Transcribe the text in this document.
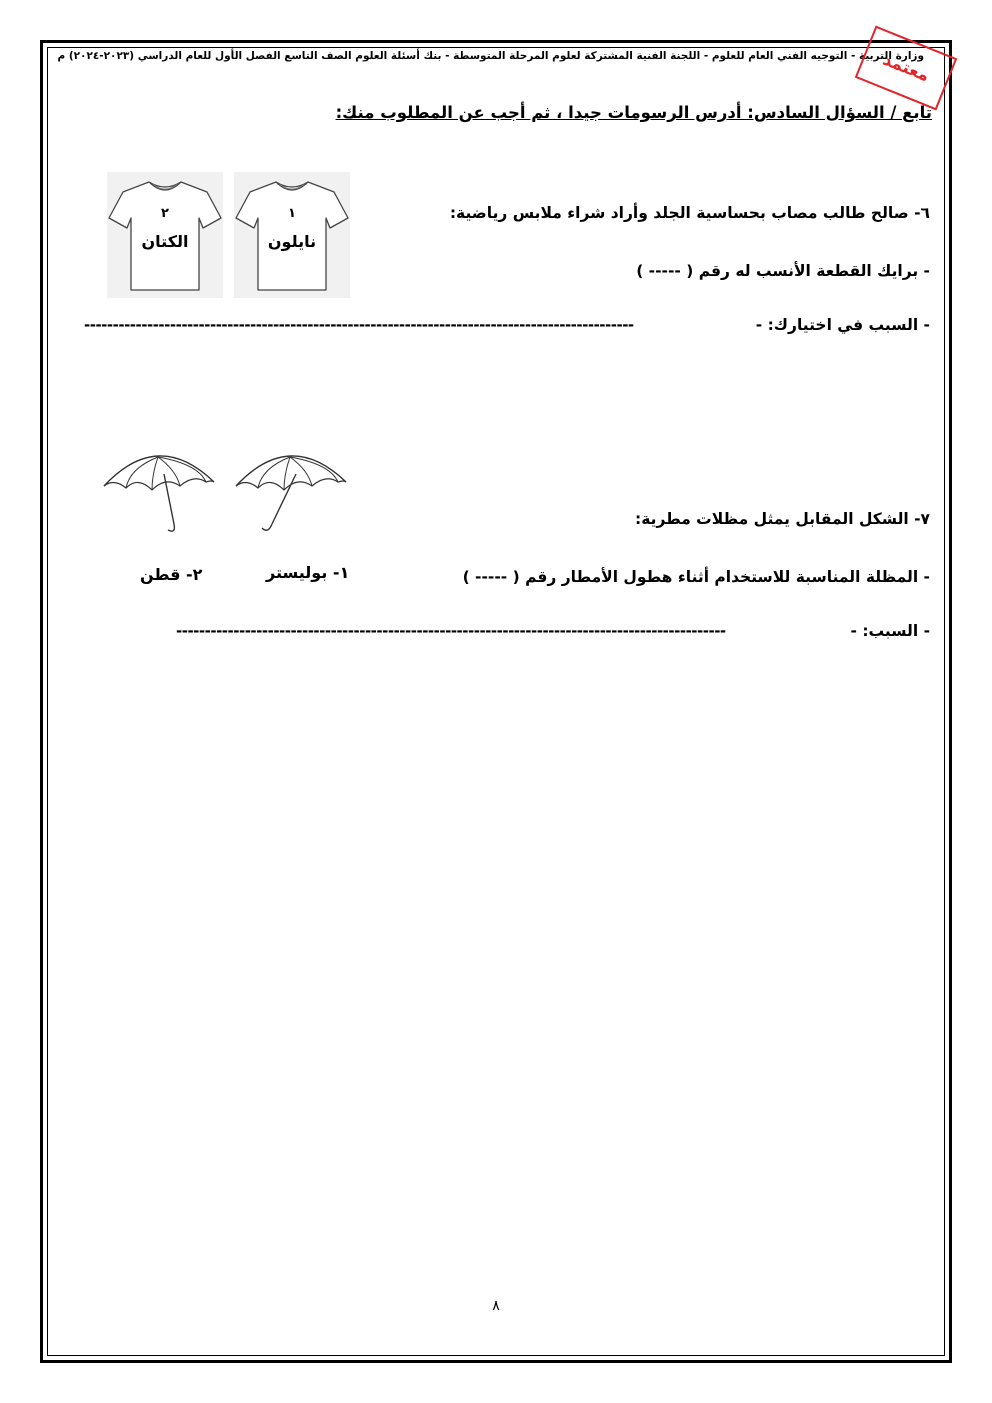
وزارة التربية - التوجيه الفني العام للعلوم - اللجنة الفنية المشتركة لعلوم المرحلة المتوسطة - بنك أسئلة العلوم الصف التاسع الفصل الأول للعام الدراسي (٢٠٢٣-٢٠٢٤) م
معتمد
تابع / السؤال السادس: أدرس الرسومات جيدا ، ثم أجب عن المطلوب منك:
٦- صالح طالب مصاب بحساسية الجلد وأراد شراء ملابس رياضية:
- برايك القطعة الأنسب له رقم ( ----- )
- السبب في اختيارك: -
------------------------------------------------------------------------------------------------
١
نايلون
٢
الكتان
٧- الشكل المقابل يمثل مظلات مطرية:
- المظلة المناسبة للاستخدام أثناء هطول الأمطار رقم ( ----- )
- السبب: -
------------------------------------------------------------------------------------------------
١- بوليستر
٢- قطن
٨
